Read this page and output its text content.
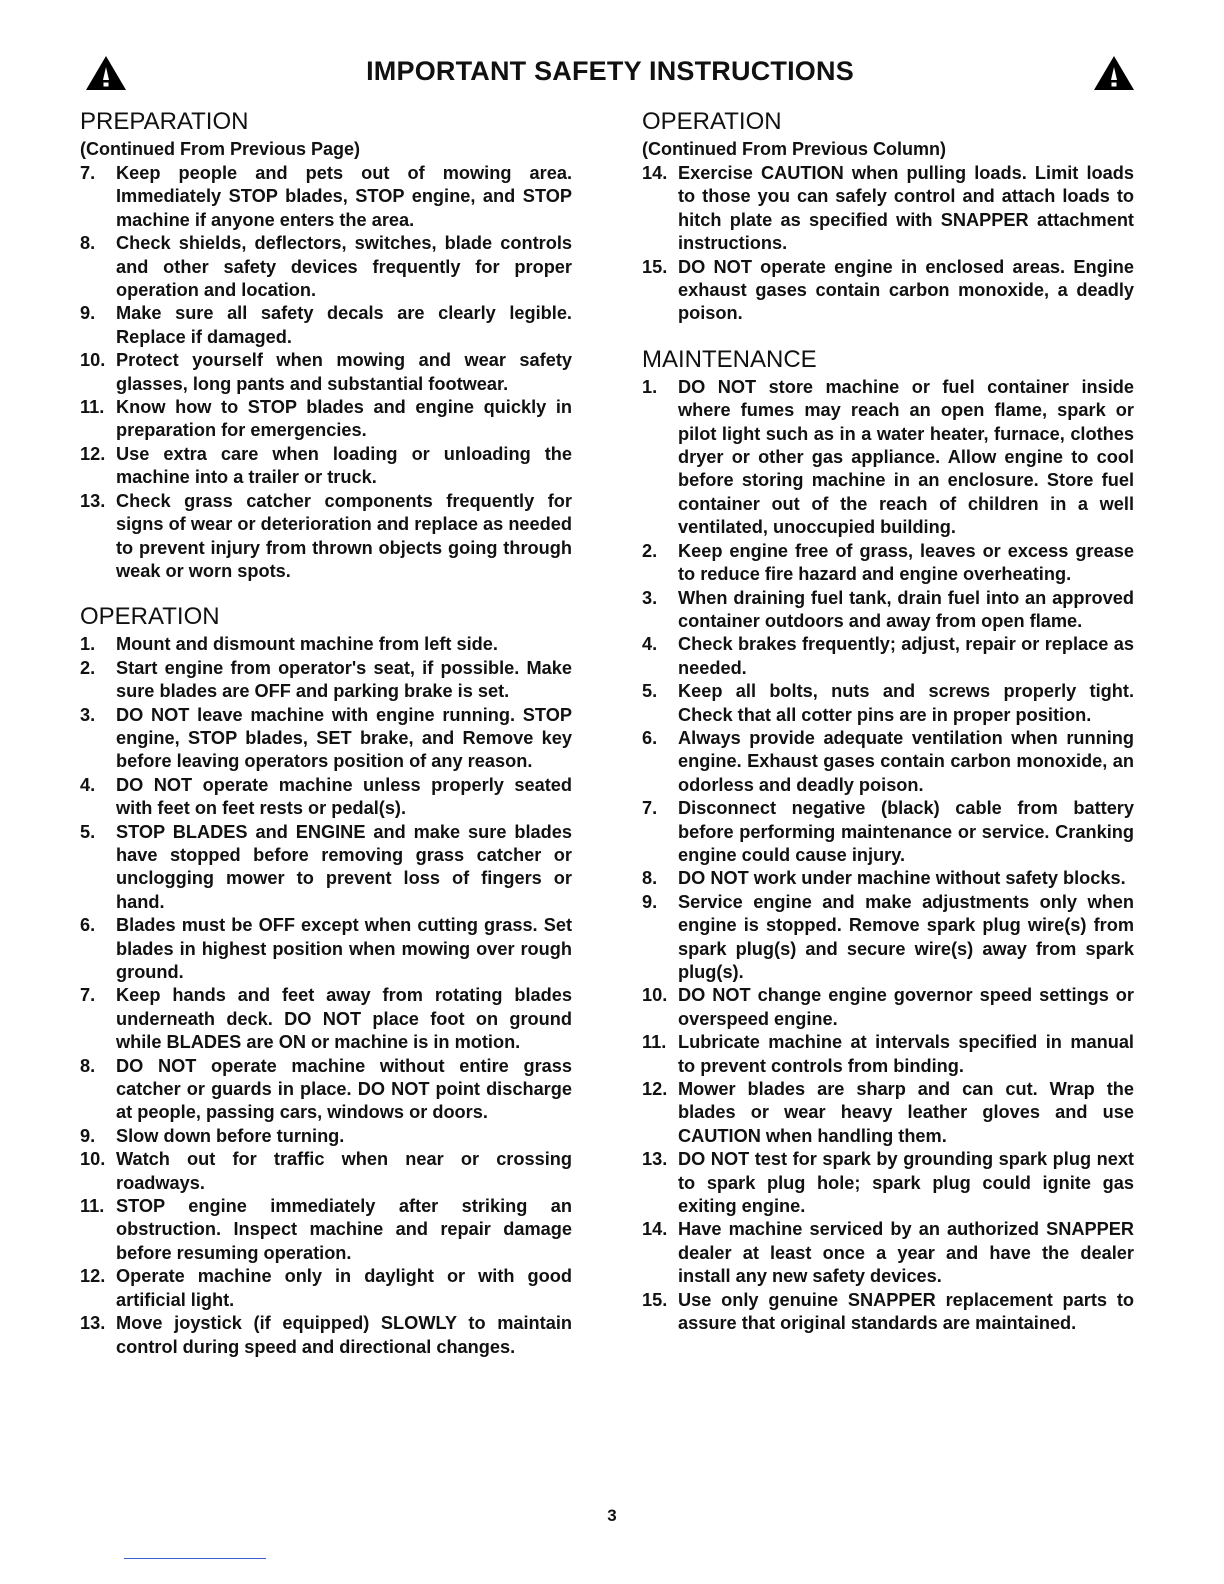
IMPORTANT SAFETY INSTRUCTIONS
PREPARATION
(Continued From Previous Page)
7.	Keep people and pets out of mowing area. Immediately STOP blades, STOP engine, and STOP machine if anyone enters the area.
8.	Check shields, deflectors, switches, blade controls and other safety devices frequently for proper operation and location.
9.	Make sure all safety decals are clearly legible. Replace if damaged.
10. Protect yourself when mowing and wear safety glasses, long pants and substantial footwear.
11. Know how to STOP blades and engine quickly in preparation for emergencies.
12. Use extra care when loading or unloading the machine into a trailer or truck.
13. Check grass catcher components frequently for signs of wear or deterioration and replace as needed to prevent injury from thrown objects going through weak or worn spots.
OPERATION
1.	Mount and dismount machine from left side.
2.	Start engine from operator's seat, if possible. Make sure blades are OFF and parking brake is set.
3.	DO NOT leave machine with engine running. STOP engine, STOP blades, SET brake, and Remove key before leaving operators position of any reason.
4.	DO NOT operate machine unless properly seated with feet on feet rests or pedal(s).
5.	STOP BLADES and ENGINE and make sure blades have stopped before removing grass catcher or unclogging mower to prevent loss of fingers or hand.
6.	Blades must be OFF except when cutting grass. Set blades in highest position when mowing over rough ground.
7.	Keep hands and feet away from rotating blades underneath deck. DO NOT place foot on ground while BLADES are ON or machine is in motion.
8.	DO NOT operate machine without entire grass catcher or guards in place. DO NOT point discharge at people, passing cars, windows or doors.
9.	Slow down before turning.
10. Watch out for traffic when near or crossing roadways.
11. STOP engine immediately after striking an obstruction. Inspect machine and repair damage before resuming operation.
12. Operate machine only in daylight or with good artificial light.
13. Move joystick (if equipped) SLOWLY to maintain control during speed and directional changes.
OPERATION
(Continued From Previous Column)
14. Exercise CAUTION when pulling loads. Limit loads to those you can safely control and attach loads to hitch plate as specified with SNAPPER attachment instructions.
15. DO NOT operate engine in enclosed areas. Engine exhaust gases contain carbon monoxide, a deadly poison.
MAINTENANCE
1.	DO NOT store machine or fuel container inside where fumes may reach an open flame, spark or pilot light such as in a water heater, furnace, clothes dryer or other gas appliance. Allow engine to cool before storing machine in an enclosure. Store fuel container out of the reach of children in a well ventilated, unoccupied building.
2.	Keep engine free of grass, leaves or excess grease to reduce fire hazard and engine overheating.
3.	When draining fuel tank, drain fuel into an approved container outdoors and away from open flame.
4.	Check brakes frequently; adjust, repair or replace as needed.
5.	Keep all bolts, nuts and screws properly tight. Check that all cotter pins are in proper position.
6.	Always provide adequate ventilation when running engine. Exhaust gases contain carbon monoxide, an odorless and deadly poison.
7.	Disconnect negative (black) cable from battery before performing maintenance or service. Cranking engine could cause injury.
8.	DO NOT work under machine without safety blocks.
9.	Service engine and make adjustments only when engine is stopped. Remove spark plug wire(s) from spark plug(s) and secure wire(s) away from spark plug(s).
10. DO NOT change engine governor speed settings or overspeed engine.
11. Lubricate machine at intervals specified in manual to prevent controls from binding.
12. Mower blades are sharp and can cut. Wrap the blades or wear heavy leather gloves and use CAUTION when handling them.
13. DO NOT test for spark by grounding spark plug next to spark plug hole; spark plug could ignite gas exiting engine.
14. Have machine serviced by an authorized SNAPPER dealer at least once a year and have the dealer install any new safety devices.
15. Use only genuine SNAPPER replacement parts to assure that original standards are maintained.
3
